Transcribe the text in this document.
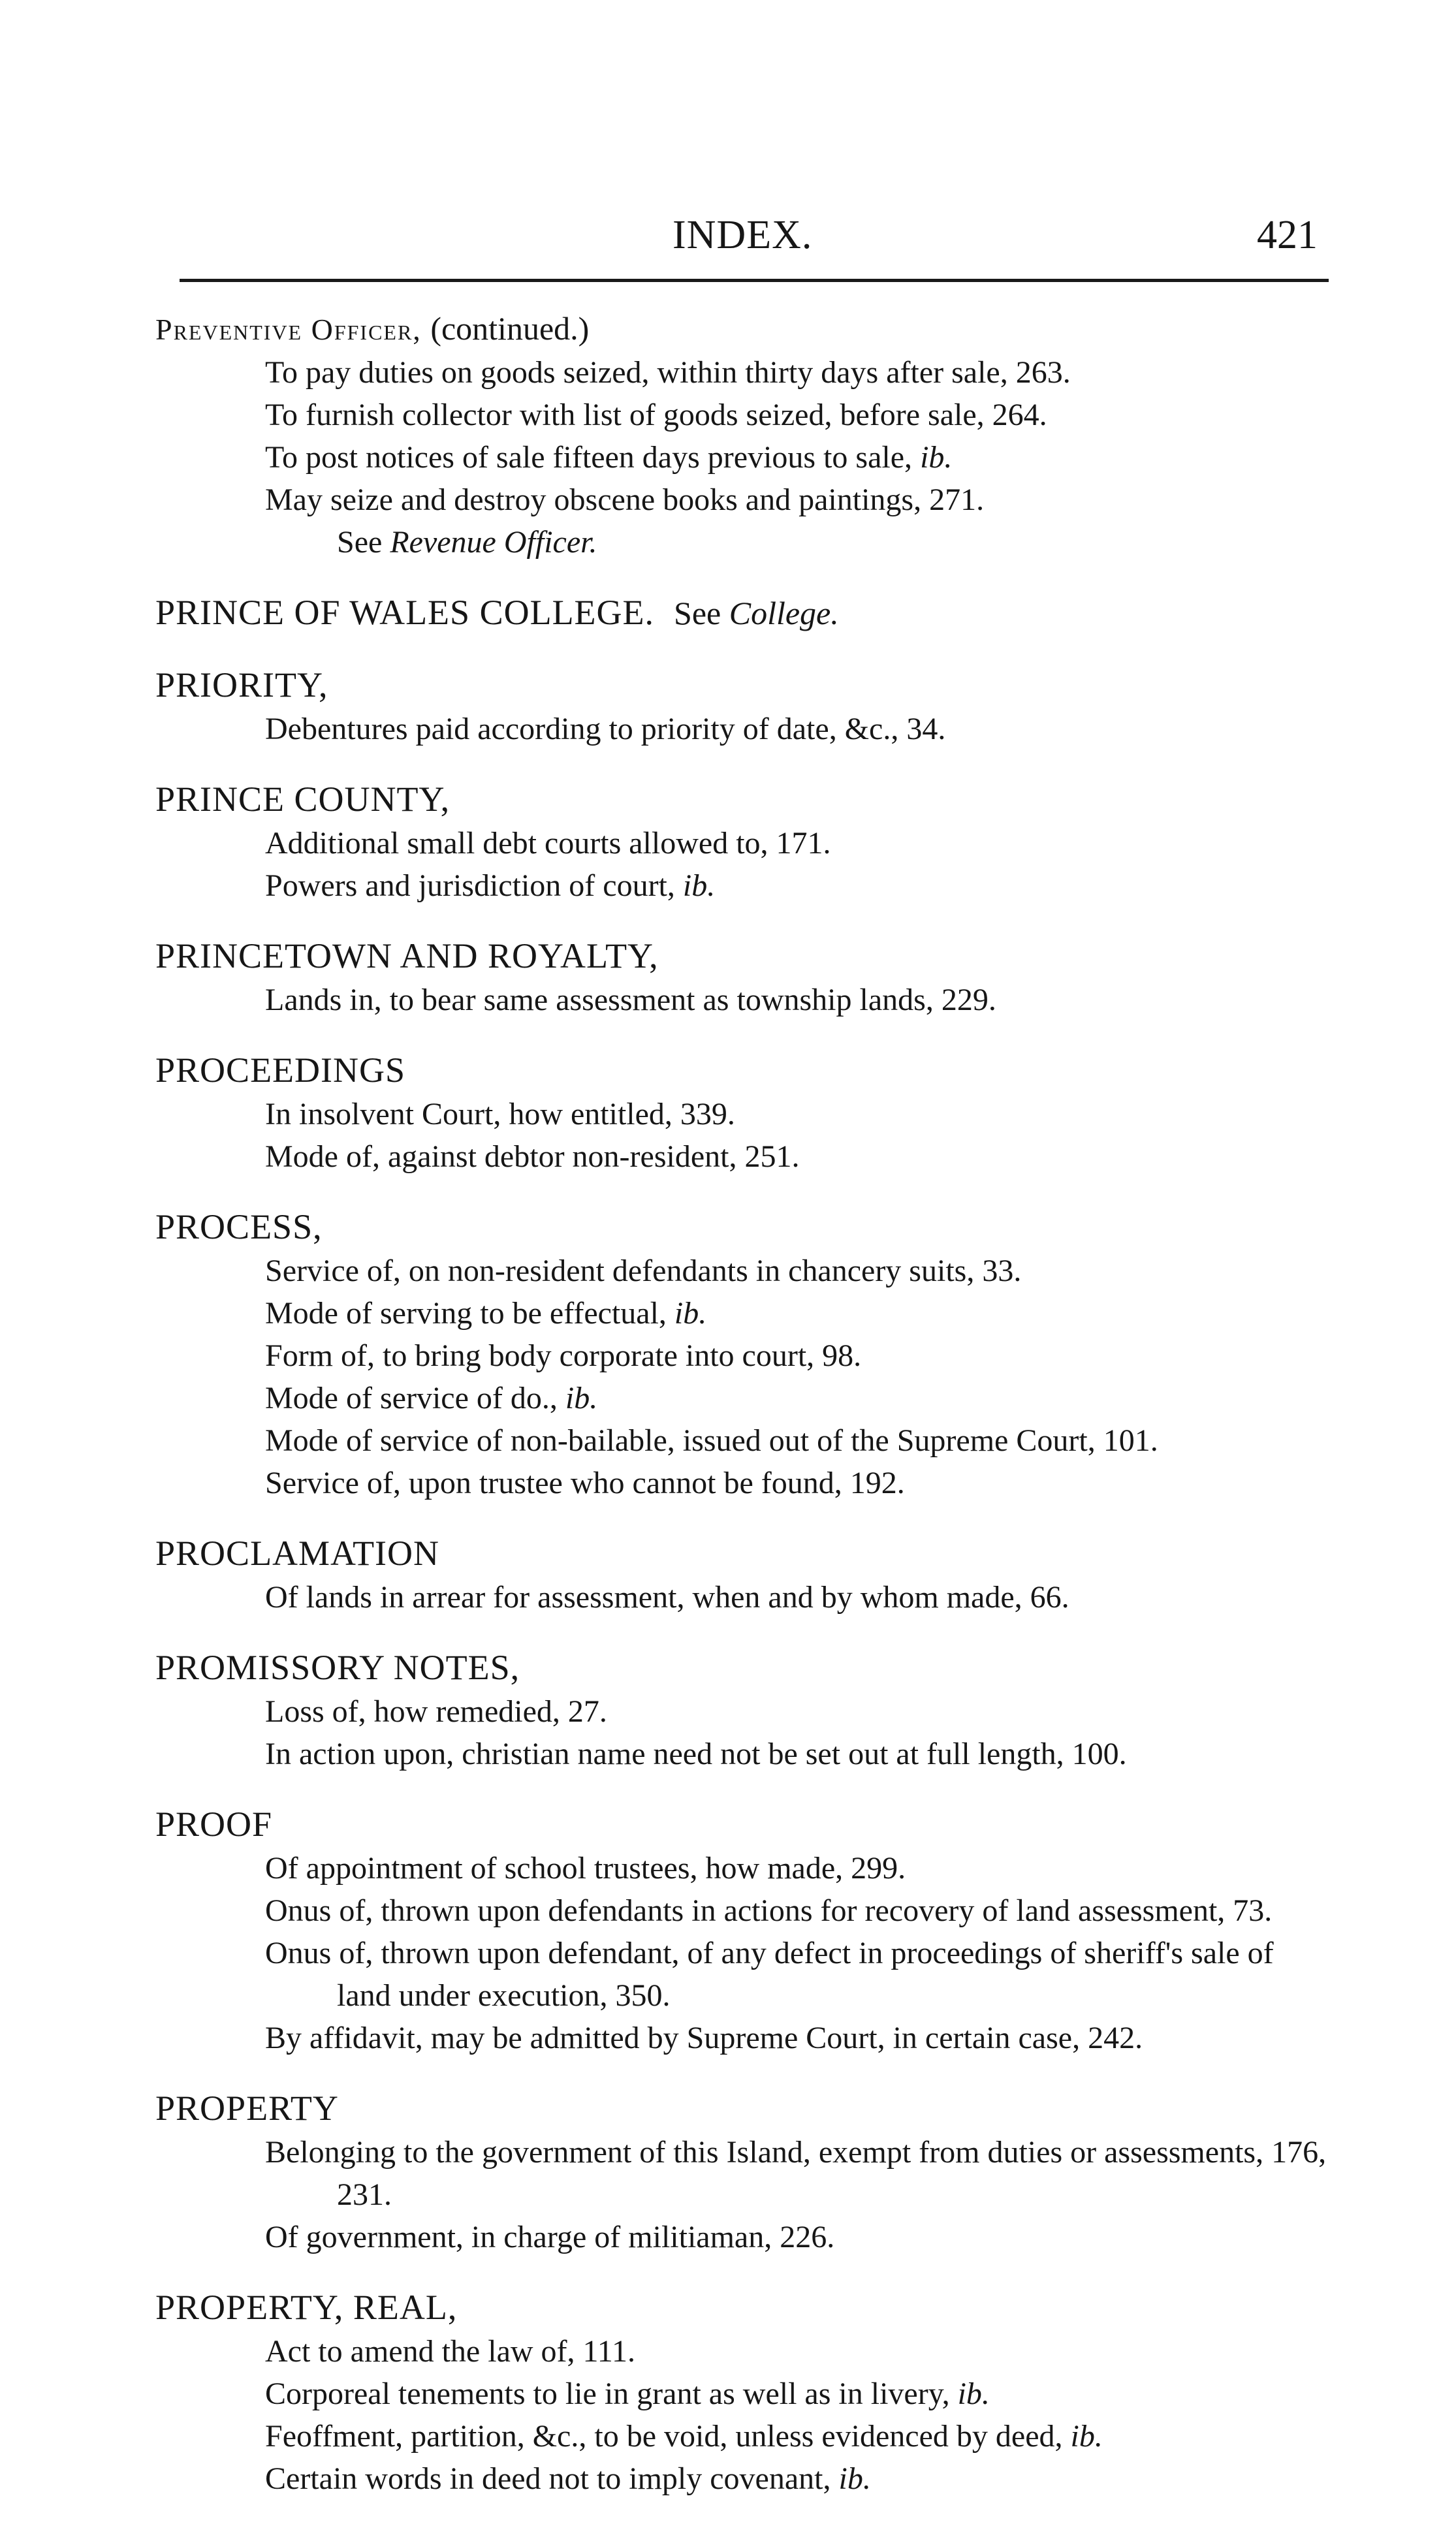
INDEX.	421
Preventive Officer, (continued.)
To pay duties on goods seized, within thirty days after sale, 263.
To furnish collector with list of goods seized, before sale, 264.
To post notices of sale fifteen days previous to sale, ib.
May seize and destroy obscene books and paintings, 271.
See Revenue Officer.
PRINCE OF WALES COLLEGE. See College.
PRIORITY,
Debentures paid according to priority of date, &c., 34.
PRINCE COUNTY,
Additional small debt courts allowed to, 171.
Powers and jurisdiction of court, ib.
PRINCETOWN AND ROYALTY,
Lands in, to bear same assessment as township lands, 229.
PROCEEDINGS
In insolvent Court, how entitled, 339.
Mode of, against debtor non-resident, 251.
PROCESS,
Service of, on non-resident defendants in chancery suits, 33.
Mode of serving to be effectual, ib.
Form of, to bring body corporate into court, 98.
Mode of service of do., ib.
Mode of service of non-bailable, issued out of the Supreme Court, 101.
Service of, upon trustee who cannot be found, 192.
PROCLAMATION
Of lands in arrear for assessment, when and by whom made, 66.
PROMISSORY NOTES,
Loss of, how remedied, 27.
In action upon, christian name need not be set out at full length, 100.
PROOF
Of appointment of school trustees, how made, 299.
Onus of, thrown upon defendants in actions for recovery of land assessment, 73.
Onus of, thrown upon defendant, of any defect in proceedings of sheriff's sale of land under execution, 350.
By affidavit, may be admitted by Supreme Court, in certain case, 242.
PROPERTY
Belonging to the government of this Island, exempt from duties or assessments, 176, 231.
Of government, in charge of militiaman, 226.
PROPERTY, REAL,
Act to amend the law of, 111.
Corporeal tenements to lie in grant as well as in livery, ib.
Feoffment, partition, &c., to be void, unless evidenced by deed, ib.
Certain words in deed not to imply covenant, ib.
